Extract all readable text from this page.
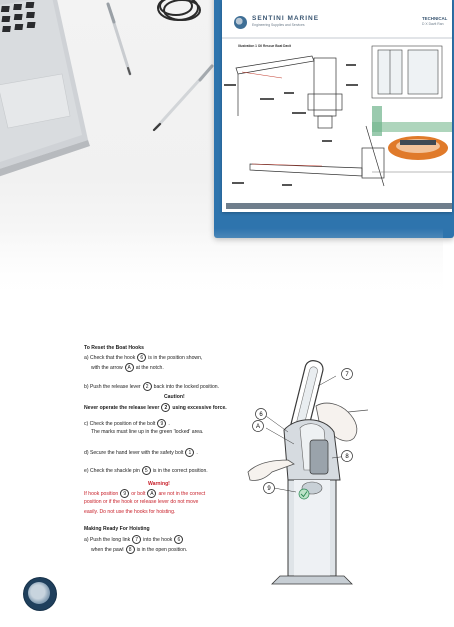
SENTINI MARINE
Engineering Supplies and Services
TECHNICAL
D X Davit Ran
Illustration 1 Oil Rescue Boat Davit
To Reset the Boat Hooks
a) Check that the hook 6 is in the position shown,
with the arrow A at the notch.
b) Push the release lever 2 back into the locked position.
Caution!
Never operate the release lever 2 using excessive force.
c) Check the position of the bolt 9 .
The marks must line up in the green 'locked' area.
d) Secure the hand lever with the safety bolt 1 .
e) Check the shackle pin 5 is in the correct position.
Warning!
If hook position 9 or bolt A are not in the correct
position or if the hook or release lever do not move
easily. Do not use the hooks for hoisting.
Making Ready For Hoisting
a) Push the long link 7 into the hook 6
when the pawl 8 is in the open position.
7
6
A
8
9
